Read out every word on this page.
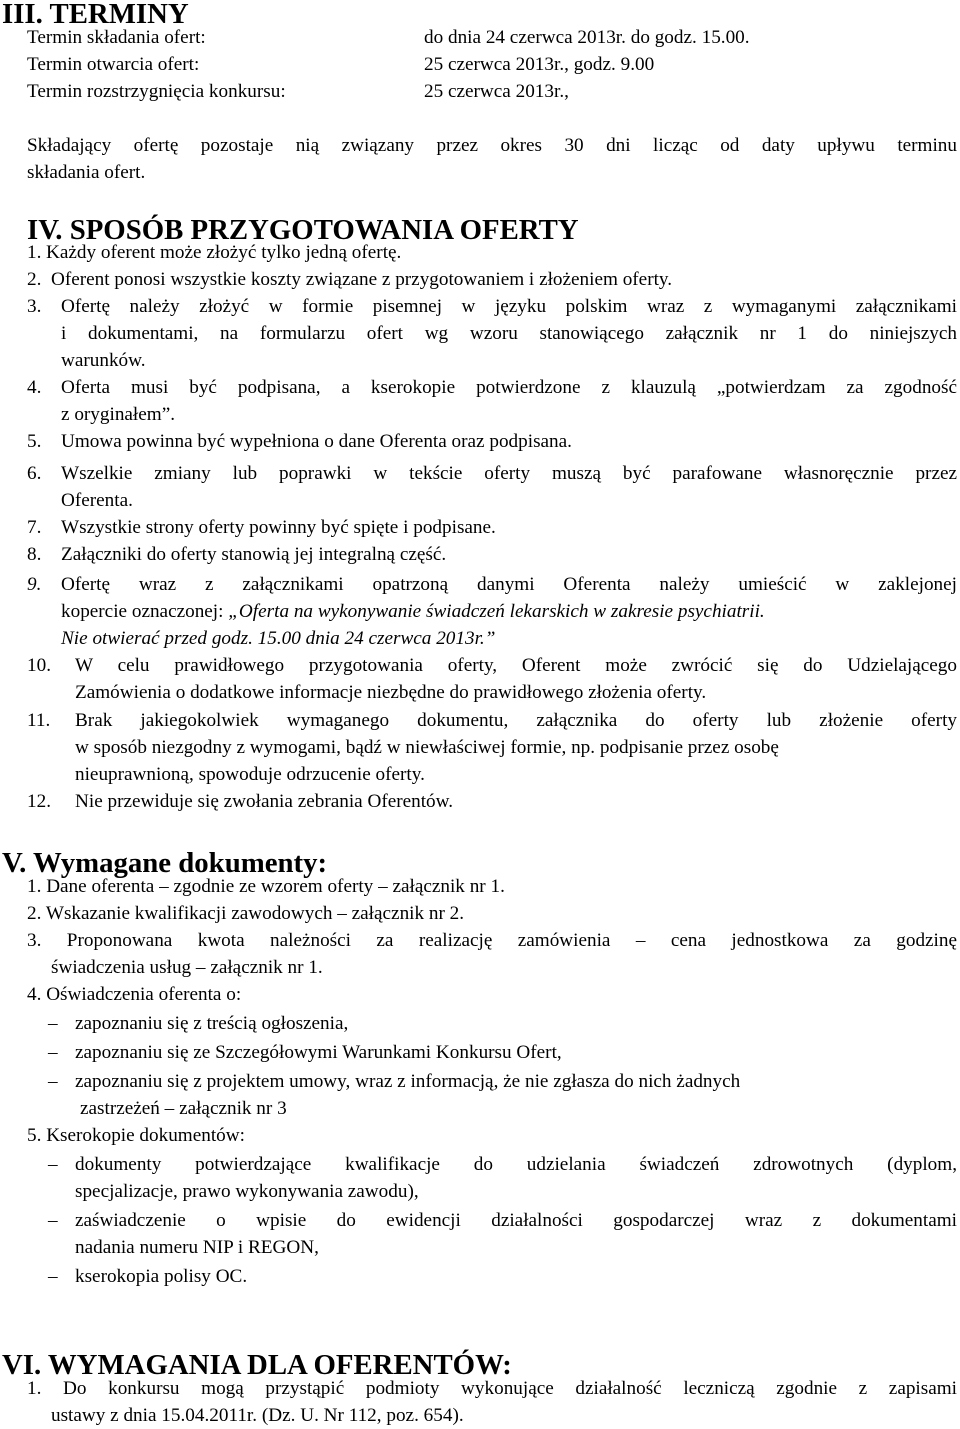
III. TERMINY
Termin składania ofert:	do dnia 24 czerwca 2013r. do godz. 15.00.
Termin otwarcia ofert:	25 czerwca 2013r., godz. 9.00
Termin rozstrzygnięcia konkursu:	25 czerwca 2013r.,
Składający ofertę pozostaje nią związany przez okres 30 dni licząc od daty upływu terminu
składania ofert.
IV. SPOSÓB PRZYGOTOWANIA OFERTY
1. Każdy oferent może złożyć tylko jedną ofertę.
2. Oferent ponosi wszystkie koszty związane z przygotowaniem i złożeniem oferty.
3. Ofertę należy złożyć w formie pisemnej w języku polskim wraz z wymaganymi załącznikami
i dokumentami, na formularzu ofert wg wzoru stanowiącego załącznik nr 1 do niniejszych
warunków.
4. Oferta musi być podpisana, a kserokopie potwierdzone z klauzulą „potwierdzam za zgodność
z oryginałem”.
5. Umowa powinna być wypełniona o dane Oferenta oraz podpisana.
6. Wszelkie zmiany lub poprawki w tekście oferty muszą być parafowane własnoręcznie przez
Oferenta.
7. Wszystkie strony oferty powinny być spięte i podpisane.
8. Załączniki do oferty stanowią jej integralną część.
9. Ofertę wraz z załącznikami opatrzoną danymi Oferenta należy umieścić w zaklejonej
kopercie oznaczonej: „Oferta na wykonywanie świadczeń lekarskich w zakresie psychiatrii.
Nie otwierać przed godz. 15.00 dnia 24 czerwca 2013r.”
10. W celu prawidłowego przygotowania oferty, Oferent może zwrócić się do Udzielającego
Zamówienia o dodatkowe informacje niezbędne do prawidłowego złożenia oferty.
11. Brak jakiegokolwiek wymaganego dokumentu, załącznika do oferty lub złożenie oferty
w sposób niezgodny z wymogami, bądź w niewłaściwej formie, np. podpisanie przez osobę
nieuprawnioną, spowoduje odrzucenie oferty.
12. Nie przewiduje się zwołania zebrania Oferentów.
V. Wymagane dokumenty:
1. Dane oferenta – zgodnie ze wzorem oferty – załącznik nr 1.
2. Wskazanie kwalifikacji zawodowych – załącznik nr 2.
3. Proponowana kwota należności za realizację zamówienia – cena jednostkowa za godzinę
świadczenia usług – załącznik nr 1.
4. Oświadczenia oferenta o:
– zapoznaniu się z treścią ogłoszenia,
– zapoznaniu się ze Szczegółowymi Warunkami Konkursu Ofert,
– zapoznaniu się z projektem umowy, wraz z informacją, że nie zgłasza do nich żadnych
zastrzeżeń – załącznik nr 3
5. Kserokopie dokumentów:
– dokumenty potwierdzające kwalifikacje do udzielania świadczeń zdrowotnych (dyplom,
specjalizacje, prawo wykonywania zawodu),
– zaświadczenie o wpisie do ewidencji działalności gospodarczej wraz z dokumentami
nadania numeru NIP i REGON,
– kserokopia polisy OC.
VI. WYMAGANIA DLA OFERENTÓW:
1. Do konkursu mogą przystąpić podmioty wykonujące działalność leczniczą zgodnie z zapisami
ustawy z dnia 15.04.2011r. (Dz. U. Nr 112, poz. 654).
